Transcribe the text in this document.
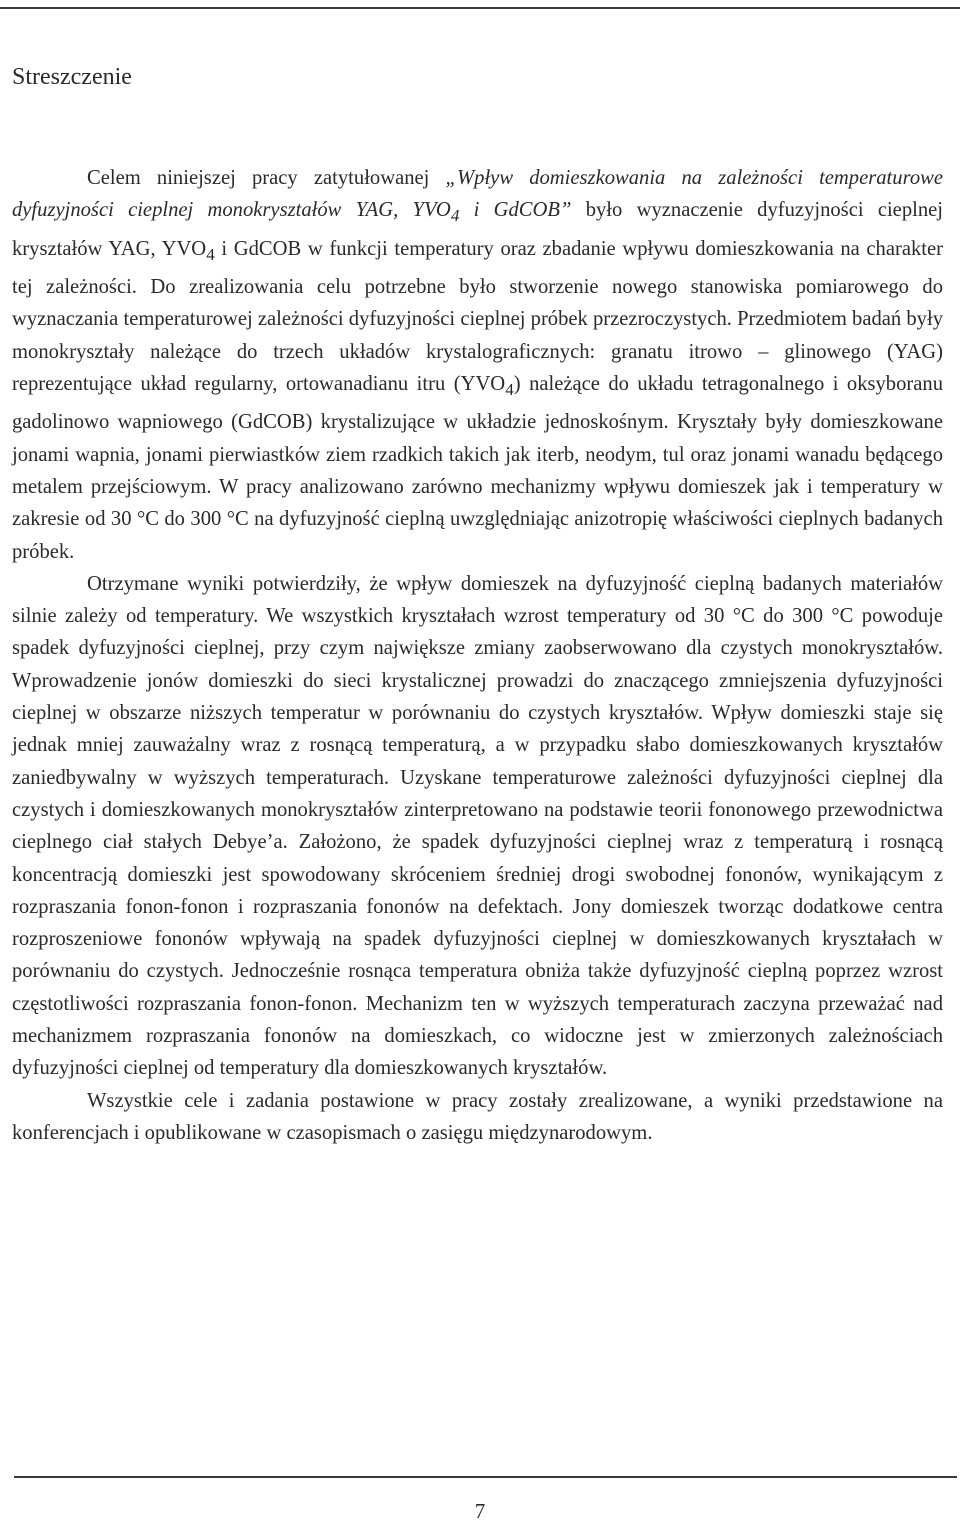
Streszczenie

Celem niniejszej pracy zatytułowanej „Wpływ domieszkowania na zależności temperaturowe dyfuzyjności cieplnej monokryształów YAG, $YVO_4$ i GdCOB” było wyznaczenie dyfuzyjności cieplnej kryształów YAG, $YVO_4$ i GdCOB w funkcji temperatury oraz zbadanie wpływu domieszkowania na charakter tej zależności. Do zrealizowania celu potrzebne było stworzenie nowego stanowiska pomiarowego do wyznaczania temperaturowej zależności dyfuzyjności cieplnej próbek przezroczystych. Przedmiotem badań były monokryształy należące do trzech układów krystalograficznych: granatu itrowo – glinowego (YAG) reprezentujące układ regularny, ortowanadianu itru $(YVO_4)$ należące do układu tetragonalnego i oksyboranu gadolinowo wapniowego (GdCOB) krystalizujące w układzie jednoskośnym. Kryształy były domieszkowane jonami wapnia, jonami pierwiastków ziem rzadkich takich jak iterb, neodym, tul oraz jonami wanadu będącego metalem przejściowym. W pracy analizowano zarówno mechanizmy wpływu domieszek jak i temperatury w zakresie od 30 °C do 300 °C na dyfuzyjność cieplną uwzględniając anizotropię właściwości cieplnych badanych próbek.

Otrzymane wyniki potwierdziły, że wpływ domieszek na dyfuzyjność cieplną badanych materiałów silnie zależy od temperatury. We wszystkich kryształach wzrost temperatury od 30 °C do 300 °C powoduje spadek dyfuzyjności cieplnej, przy czym największe zmiany zaobserwowano dla czystych monokryształów. Wprowadzenie jonów domieszki do sieci krystalicznej prowadzi do znaczącego zmniejszenia dyfuzyjności cieplnej w obszarze niższych temperatur w porównaniu do czystych kryształów. Wpływ domieszki staje się jednak mniej zauważalny wraz z rosnącą temperaturą, a w przypadku słabo domieszkowanych kryształów zaniedbywalny w wyższych temperaturach. Uzyskane temperaturowe zależności dyfuzyjności cieplnej dla czystych i domieszkowanych monokryształów zinterpretowano na podstawie teorii fononowego przewodnictwa cieplnego ciał stałych Debye’a. Założono, że spadek dyfuzyjności cieplnej wraz z temperaturą i rosnącą koncentracją domieszki jest spowodowany skróceniem średniej drogi swobodnej fononów, wynikającym z rozpraszania fonon-fonon i rozpraszania fononów na defektach. Jony domieszek tworząc dodatkowe centra rozproszeniowe fononów wpływają na spadek dyfuzyjności cieplnej w domieszkowanych kryształach w porównaniu do czystych. Jednocześnie rosnąca temperatura obniża także dyfuzyjność cieplną poprzez wzrost częstotliwości rozpraszania fonon-fonon. Mechanizm ten w wyższych temperaturach zaczyna przeważać nad mechanizmem rozpraszania fononów na domieszkach, co widoczne jest w zmierzonych zależnościach dyfuzyjności cieplnej od temperatury dla domieszkowanych kryształów.

Wszystkie cele i zadania postawione w pracy zostały zrealizowane, a wyniki przedstawione na konferencjach i opublikowane w czasopismach o zasięgu międzynarodowym.

7
